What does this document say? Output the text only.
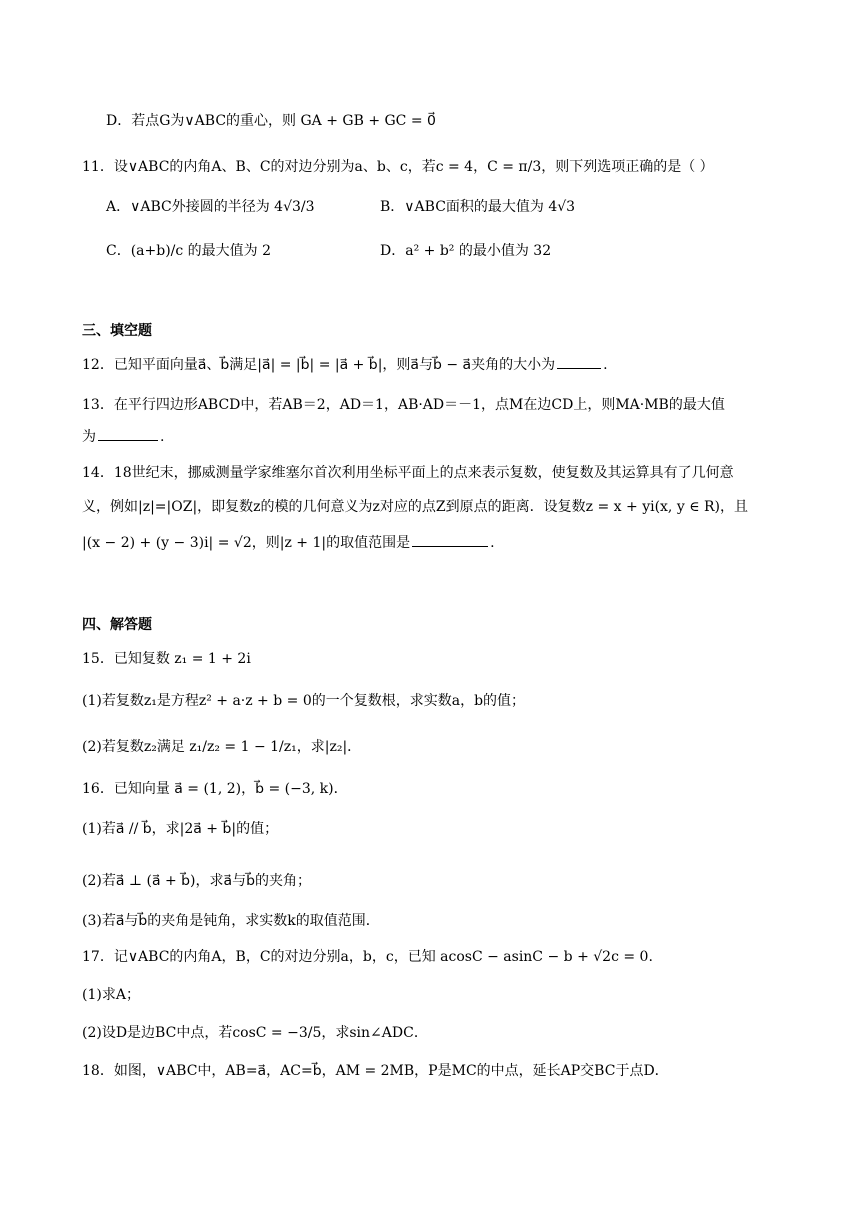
D．若点G为∨ABC的重心，则 GA + GB + GC = 0⃗
11．设∨ABC的内角A、B、C的对边分别为a、b、c，若c = 4，C = π/3，则下列选项正确的是（ ）
A．∨ABC外接圆的半径为 4√3/3	B．∨ABC面积的最大值为 4√3
C．(a+b)/c 的最大值为 2	D．a² + b² 的最小值为 32
三、填空题
12．已知平面向量a⃗、b⃗满足|a⃗| = |b⃗| = |a⃗ + b⃗|，则a⃗与b⃗ − a⃗夹角的大小为	.
13．在平行四边形ABCD中，若AB＝2，AD＝1，AB·AD＝－1，点M在边CD上，则MA·MB的最大值
为	.
14．18世纪末，挪威测量学家维塞尔首次利用坐标平面上的点来表示复数，使复数及其运算具有了几何意
义，例如|z|=|OZ|，即复数z的模的几何意义为z对应的点Z到原点的距离．设复数z = x + yi(x, y ∈ R)，且
|(x − 2) + (y − 3)i| = √2，则|z + 1|的取值范围是	.
四、解答题
15．已知复数 z₁ = 1 + 2i
(1)若复数z₁是方程z² + a·z + b = 0的一个复数根，求实数a，b的值；
(2)若复数z₂满足 z₁/z₂ = 1 − 1/z₁，求|z₂|．
16．已知向量 a⃗ = (1, 2)，b⃗ = (−3, k)．
(1)若a⃗ // b⃗，求|2a⃗ + b⃗|的值；
(2)若a⃗ ⊥ (a⃗ + b⃗)，求a⃗与b⃗的夹角；
(3)若a⃗与b⃗的夹角是钝角，求实数k的取值范围．
17．记∨ABC的内角A，B，C的对边分别a，b，c，已知 acosC − asinC − b + √2c = 0.
(1)求A；
(2)设D是边BC中点，若cosC = −3/5，求sin∠ADC．
18．如图，∨ABC中，AB=a⃗，AC=b⃗，AM = 2MB，P是MC的中点，延长AP交BC于点D．
